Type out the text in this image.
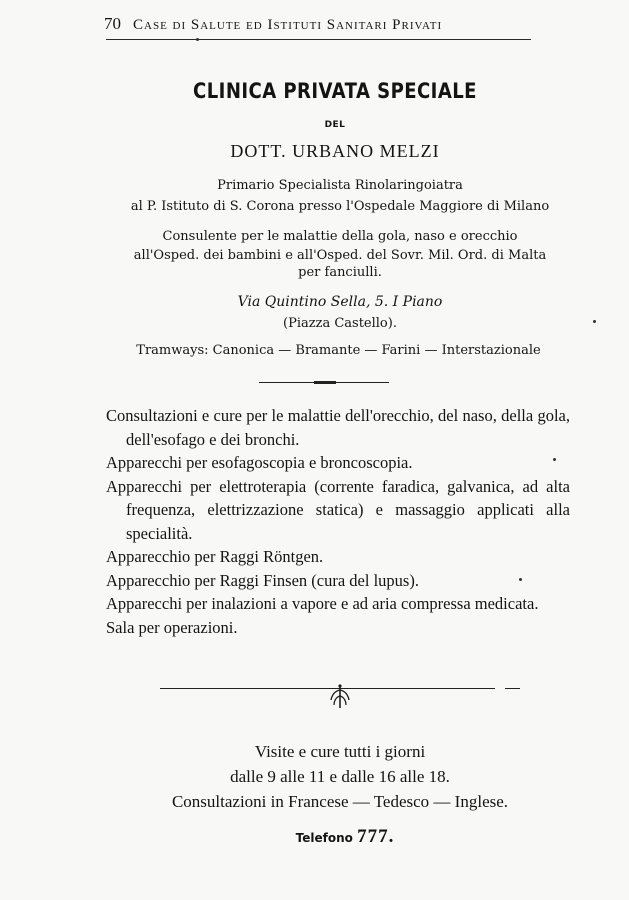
70 Case di Salute ed Istituti Sanitari Privati
CLINICA PRIVATA SPECIALE
DEL
DOTT. URBANO MELZI
Primario Specialista Rinolaringoiatra
al P. Istituto di S. Corona presso l'Ospedale Maggiore di Milano
Consulente per le malattie della gola, naso e orecchio
all'Osped. dei bambini e all'Osped. del Sovr. Mil. Ord. di Malta
per fanciulli.
Via Quintino Sella, 5. I Piano
(Piazza Castello).
Tramways: Canonica — Bramante — Farini — Interstazionale

Consultazioni e cure per le malattie dell'orecchio, del naso, della gola, dell'esofago e dei bronchi.

Apparecchi per esofagoscopia e broncoscopia.

Apparecchi per elettroterapia (corrente faradica, galvanica, ad alta frequenza, elettrizzazione statica) e massaggio applicati alla specialità.

Apparecchio per Raggi Röntgen.

Apparecchio per Raggi Finsen (cura del lupus).

Apparecchi per inalazioni a vapore e ad aria compressa medicata.

Sala per operazioni.

Visite e cure tutti i giorni
dalle 9 alle 11 e dalle 16 alle 18.
Consultazioni in Francese — Tedesco — Inglese.
Telefono 777.
